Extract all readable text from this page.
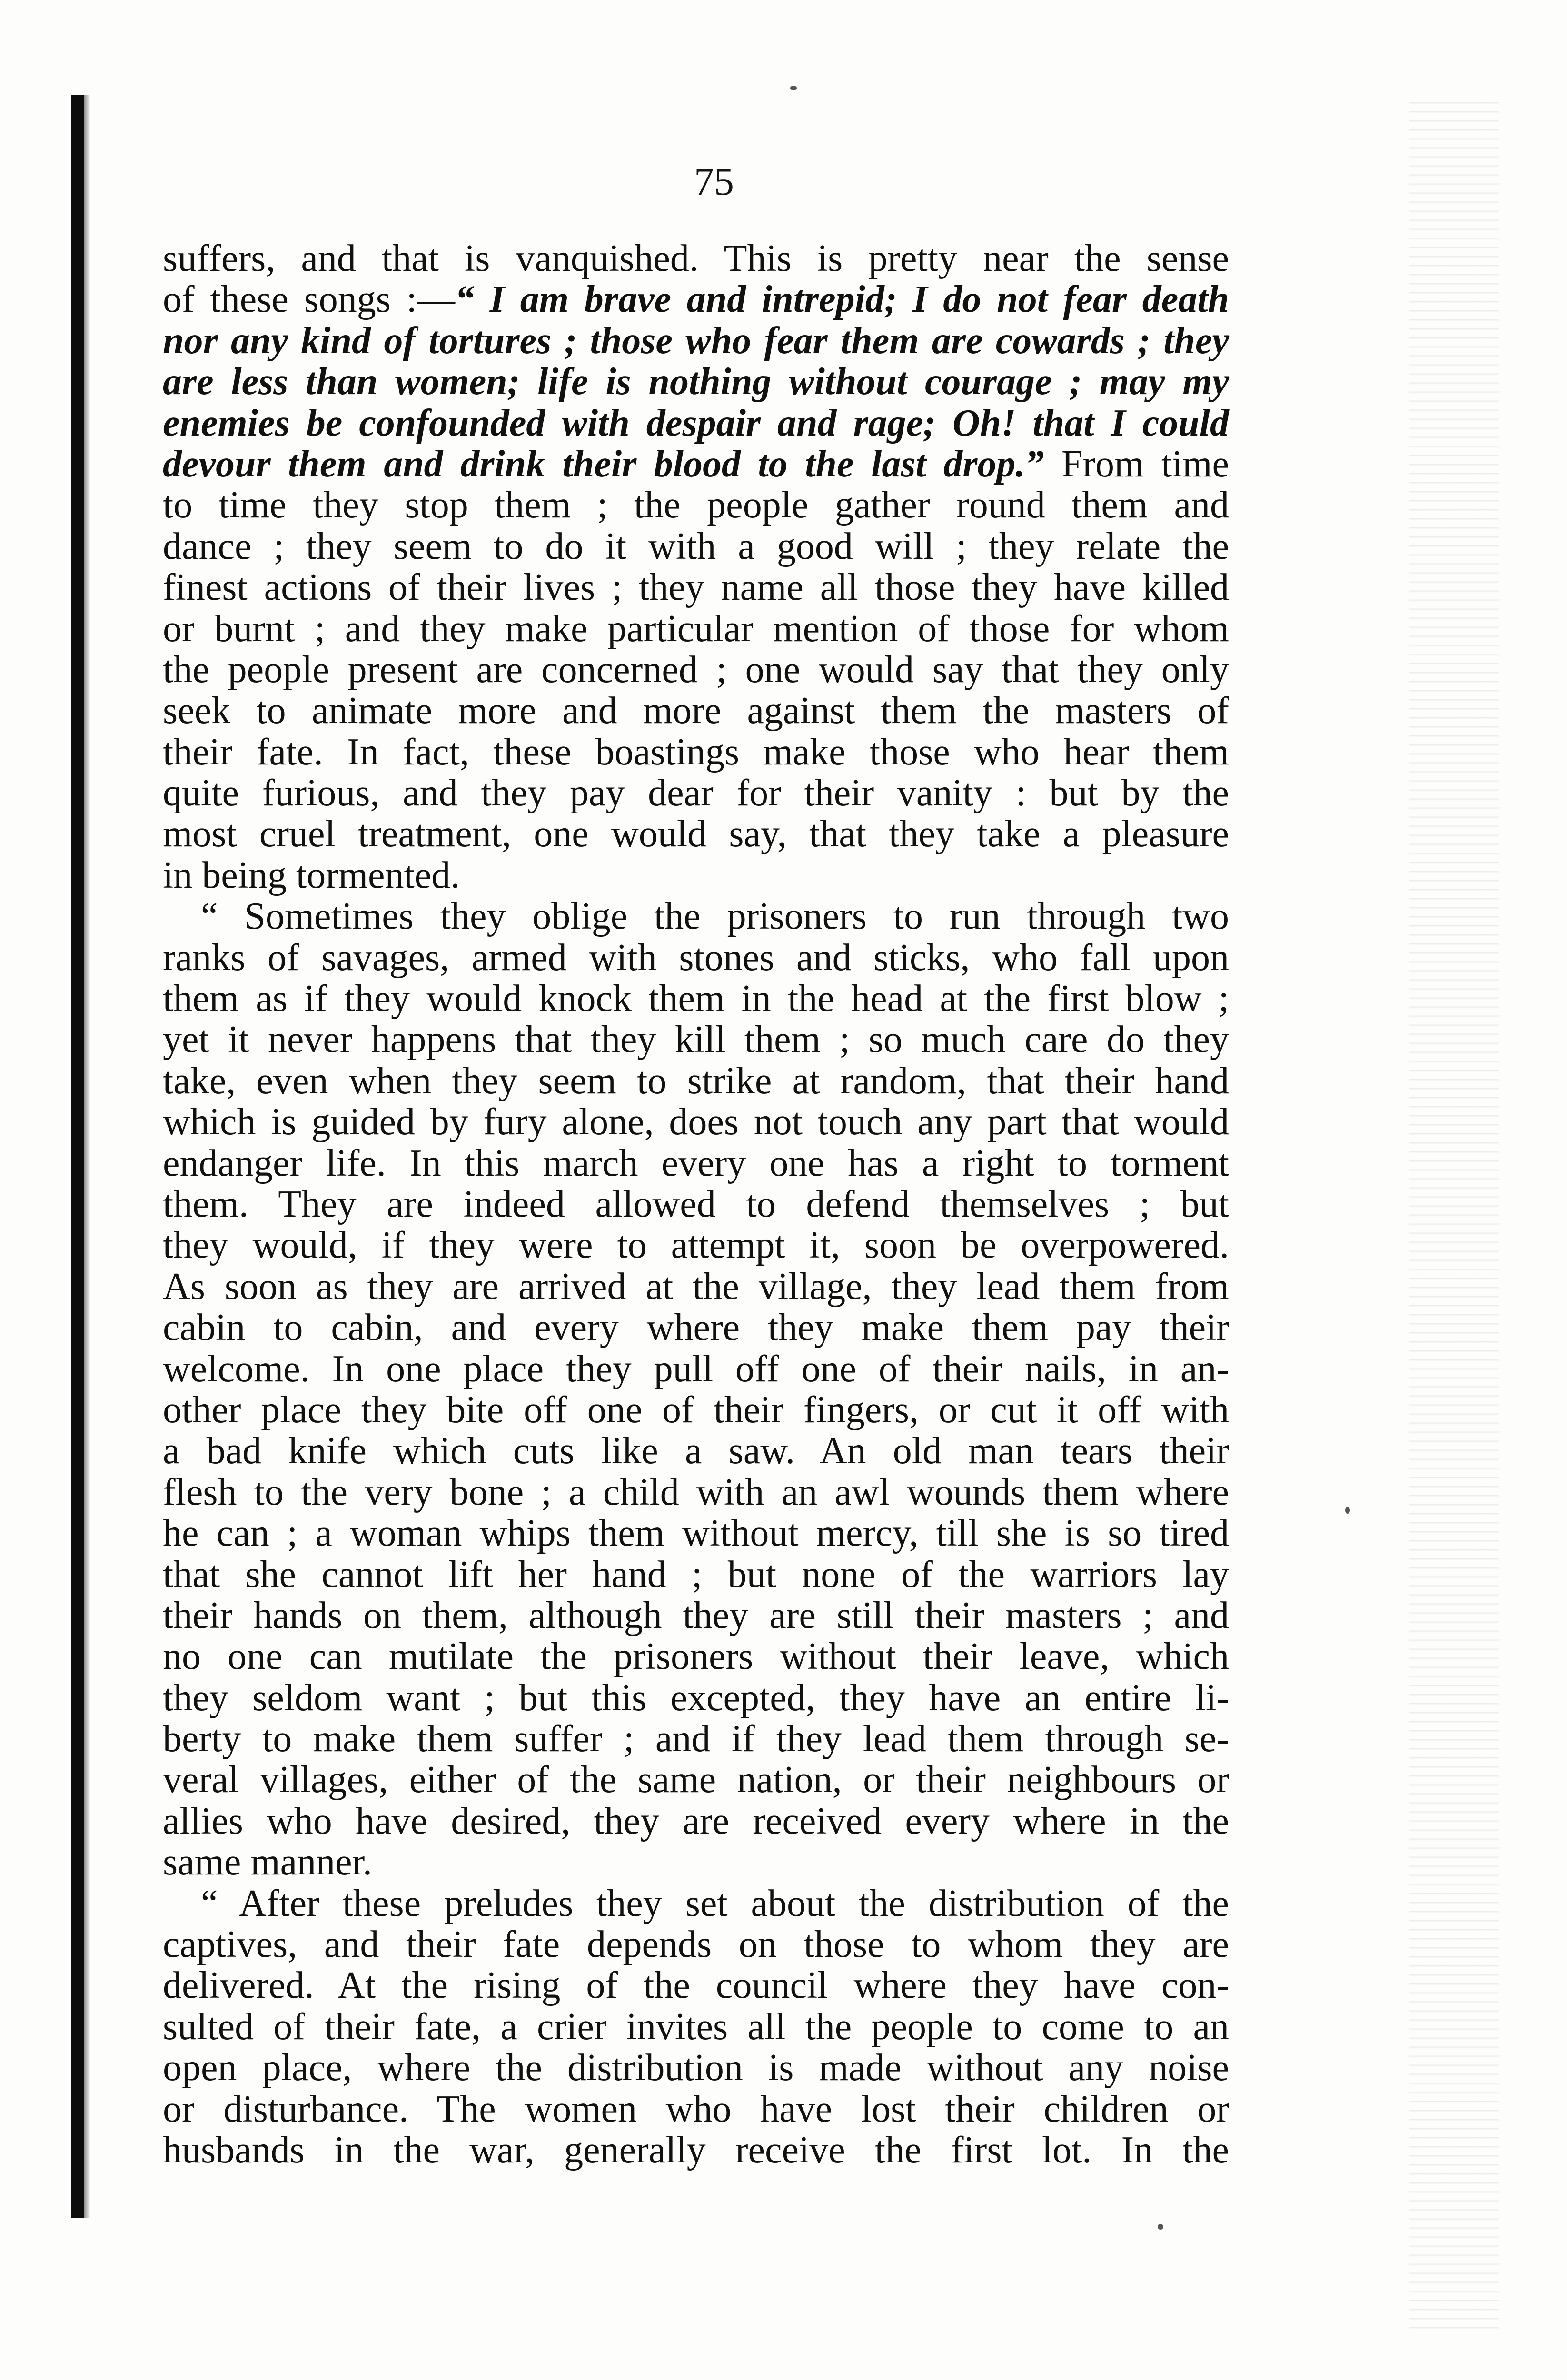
75
suffers, and that is vanquished. This is pretty near the sense
of these songs :—“ I am brave and intrepid; I do not fear death
nor any kind of tortures ; those who fear them are cowards ; they
are less than women; life is nothing without courage ; may my
enemies be confounded with despair and rage; Oh! that I could
devour them and drink their blood to the last drop.” From time
to time they stop them ; the people gather round them and
dance ; they seem to do it with a good will ; they relate the
finest actions of their lives ; they name all those they have killed
or burnt ; and they make particular mention of those for whom
the people present are concerned ; one would say that they only
seek to animate more and more against them the masters of
their fate. In fact, these boastings make those who hear them
quite furious, and they pay dear for their vanity : but by the
most cruel treatment, one would say, that they take a pleasure
in being tormented.
“ Sometimes they oblige the prisoners to run through two
ranks of savages, armed with stones and sticks, who fall upon
them as if they would knock them in the head at the first blow ;
yet it never happens that they kill them ; so much care do they
take, even when they seem to strike at random, that their hand
which is guided by fury alone, does not touch any part that would
endanger life. In this march every one has a right to torment
them. They are indeed allowed to defend themselves ; but
they would, if they were to attempt it, soon be overpowered.
As soon as they are arrived at the village, they lead them from
cabin to cabin, and every where they make them pay their
welcome. In one place they pull off one of their nails, in an-
other place they bite off one of their fingers, or cut it off with
a bad knife which cuts like a saw. An old man tears their
flesh to the very bone ; a child with an awl wounds them where
he can ; a woman whips them without mercy, till she is so tired
that she cannot lift her hand ; but none of the warriors lay
their hands on them, although they are still their masters ; and
no one can mutilate the prisoners without their leave, which
they seldom want ; but this excepted, they have an entire li-
berty to make them suffer ; and if they lead them through se-
veral villages, either of the same nation, or their neighbours or
allies who have desired, they are received every where in the
same manner.
“ After these preludes they set about the distribution of the
captives, and their fate depends on those to whom they are
delivered. At the rising of the council where they have con-
sulted of their fate, a crier invites all the people to come to an
open place, where the distribution is made without any noise
or disturbance. The women who have lost their children or
husbands in the war, generally receive the first lot. In the
